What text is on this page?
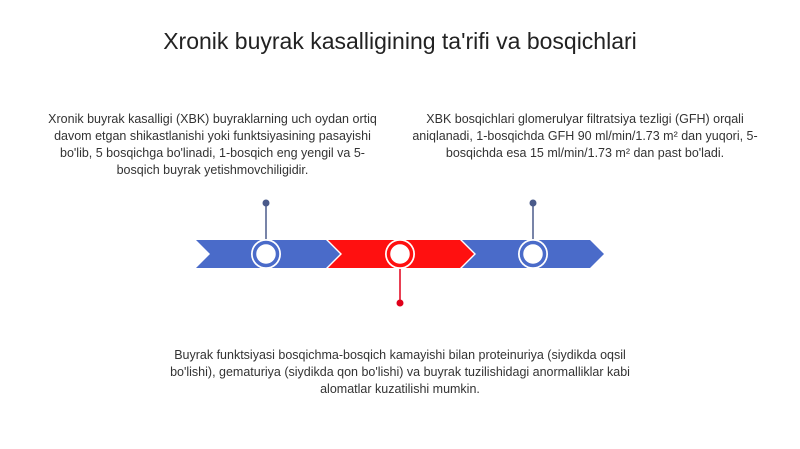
Xronik buyrak kasalligining ta'rifi va bosqichlari

Xronik buyrak kasalligi (XBK) buyraklarning uch oydan ortiq davom etgan shikastlanishi yoki funktsiyasining pasayishi bo'lib, 5 bosqichga bo'linadi, 1-bosqich eng yengil va 5-bosqich buyrak yetishmovchiligidir.

XBK bosqichlari glomerulyar filtratsiya tezligi (GFH) orqali aniqlanadi, 1-bosqichda GFH 90 ml/min/1.73 m² dan yuqori, 5-bosqichda esa 15 ml/min/1.73 m² dan past bo'ladi.

Buyrak funktsiyasi bosqichma-bosqich kamayishi bilan proteinuriya (siydikda oqsil bo'lishi), gematuriya (siydikda qon bo'lishi) va buyrak tuzilishidagi anormalliklar kabi alomatlar kuzatilishi mumkin.
